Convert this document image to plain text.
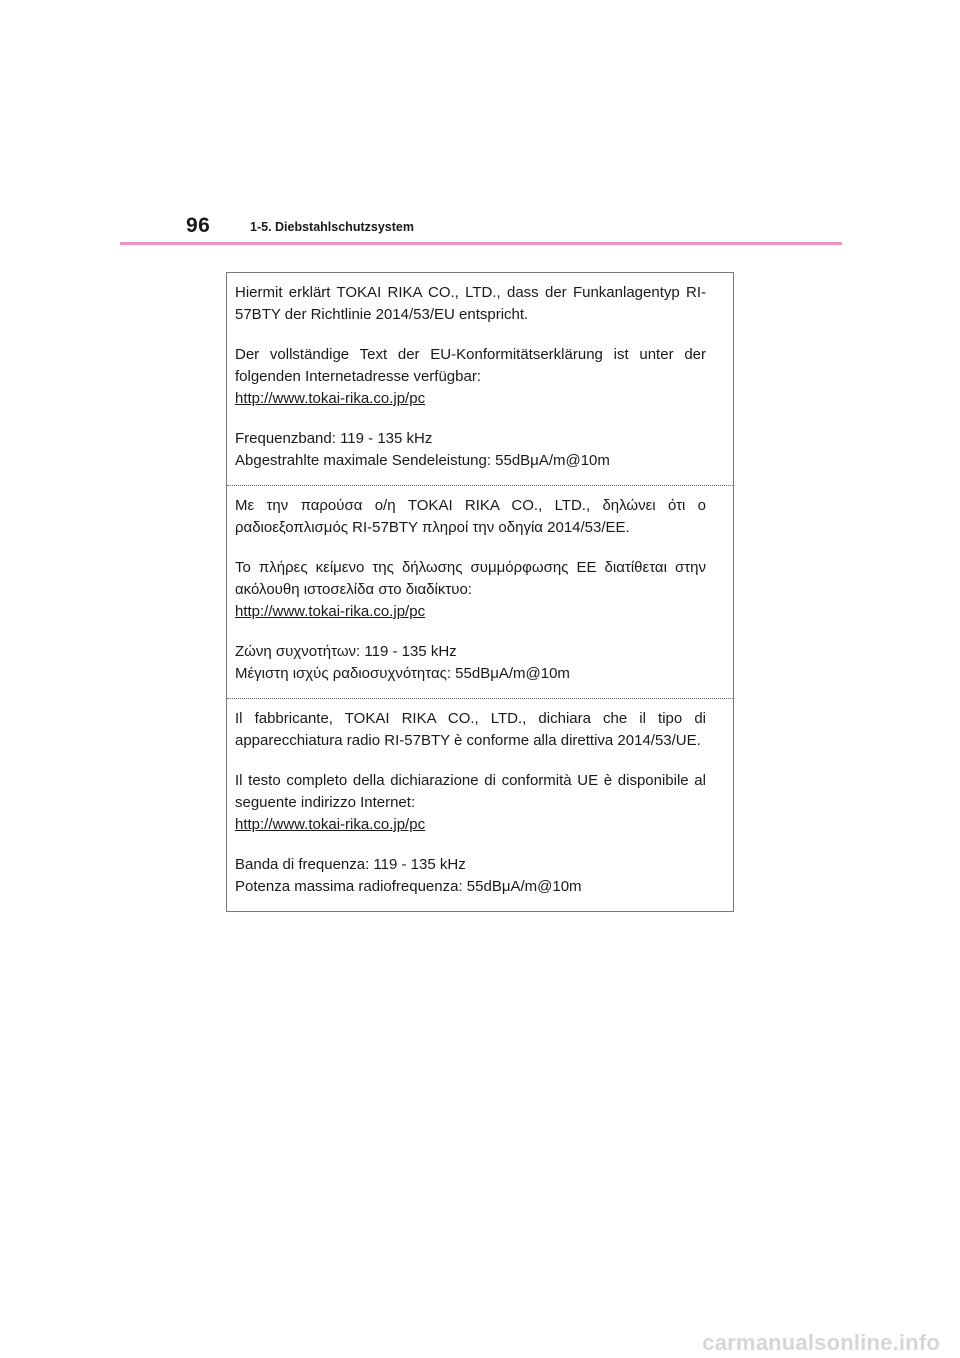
96	1-5. Diebstahlschutzsystem

Hiermit erklärt TOKAI RIKA CO., LTD., dass der Funkanlagentyp RI-57BTY der Richtlinie 2014/53/EU entspricht.

Der vollständige Text der EU-Konformitätserklärung ist unter der folgenden Internetadresse verfügbar:
http://www.tokai-rika.co.jp/pc

Frequenzband: 119 - 135 kHz
Abgestrahlte maximale Sendeleistung: 55dBμA/m@10m

Με την παρούσα ο/η TOKAI RIKA CO., LTD., δηλώνει ότι ο ραδιοεξοπλισμός RI-57BTY πληροί την οδηγία 2014/53/ΕΕ.

Το πλήρες κείμενο της δήλωσης συμμόρφωσης ΕΕ διατίθεται στην ακόλουθη ιστοσελίδα στο διαδίκτυο:
http://www.tokai-rika.co.jp/pc

Ζώνη συχνοτήτων: 119 - 135 kHz
Μέγιστη ισχύς ραδιοσυχνότητας: 55dBμA/m@10m

Il fabbricante, TOKAI RIKA CO., LTD., dichiara che il tipo di apparecchiatura radio RI-57BTY è conforme alla direttiva 2014/53/UE.

Il testo completo della dichiarazione di conformità UE è disponibile al seguente indirizzo Internet:
http://www.tokai-rika.co.jp/pc

Banda di frequenza: 119 - 135 kHz
Potenza massima radiofrequenza: 55dBμA/m@10m

carmanualsonline.info
